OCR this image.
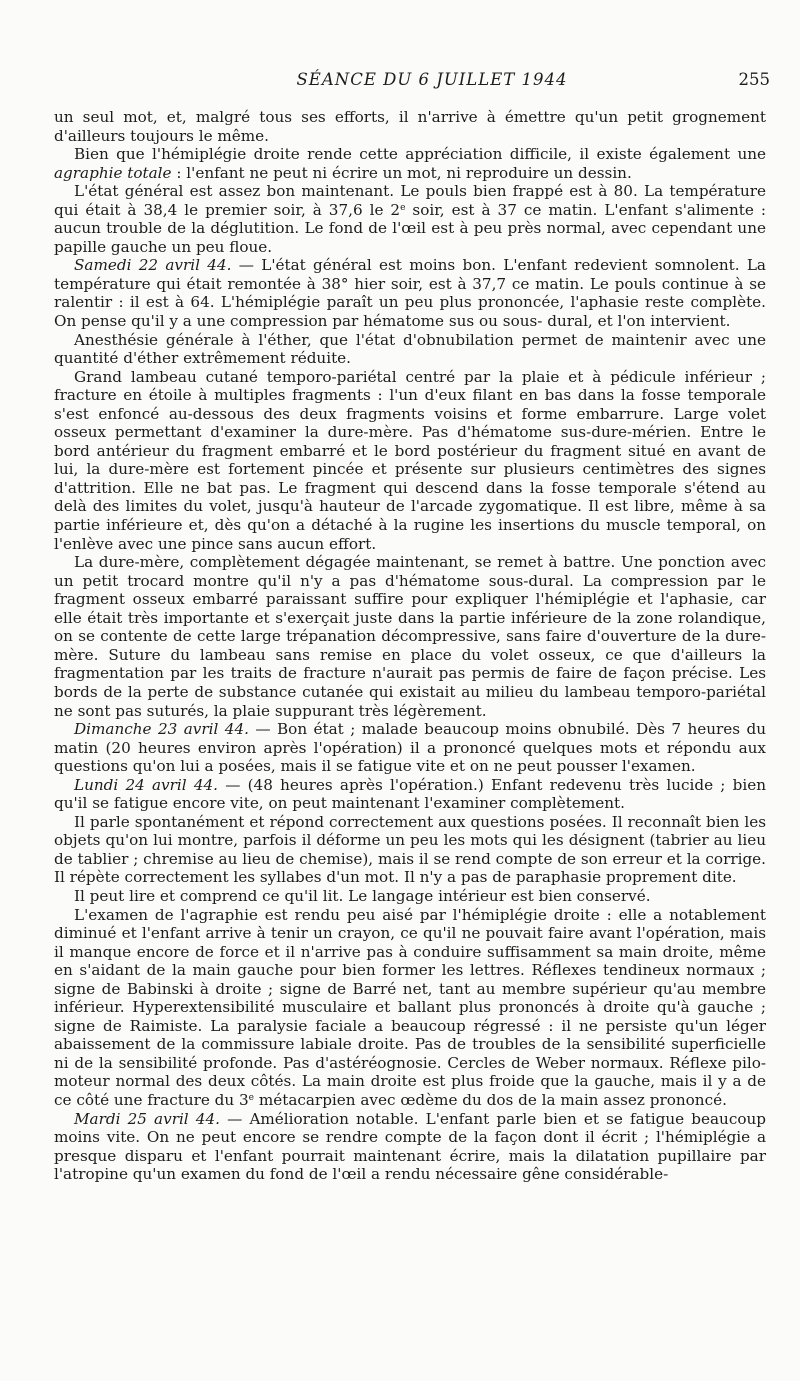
SÉANCE DU 6 JUILLET 1944	255

un seul mot, et, malgré tous ses efforts, il n'arrive à émettre qu'un petit grognement d'ailleurs toujours le même.

Bien que l'hémiplégie droite rende cette appréciation difficile, il existe également une agraphie totale : l'enfant ne peut ni écrire un mot, ni reproduire un dessin.

L'état général est assez bon maintenant. Le pouls bien frappé est à 80. La température qui était à 38,4 le premier soir, à 37,6 le 2e soir, est à 37 ce matin. L'enfant s'alimente : aucun trouble de la déglutition. Le fond de l'œil est à peu près normal, avec cependant une papille gauche un peu floue.

Samedi 22 avril 44. — L'état général est moins bon. L'enfant redevient somnolent. La température qui était remontée à 38° hier soir, est à 37,7 ce matin. Le pouls continue à se ralentir : il est à 64. L'hémiplégie paraît un peu plus prononcée, l'aphasie reste complète. On pense qu'il y a une compression par hématome sus ou sous- dural, et l'on intervient.

Anesthésie générale à l'éther, que l'état d'obnubilation permet de maintenir avec une quantité d'éther extrêmement réduite.

Grand lambeau cutané temporo-pariétal centré par la plaie et à pédicule inférieur ; fracture en étoile à multiples fragments : l'un d'eux filant en bas dans la fosse temporale s'est enfoncé au-dessous des deux fragments voisins et forme embarrure. Large volet osseux permettant d'examiner la dure-mère. Pas d'hématome sus-dure-mérien. Entre le bord antérieur du fragment embarré et le bord postérieur du fragment situé en avant de lui, la dure-mère est fortement pincée et présente sur plusieurs centimètres des signes d'attrition. Elle ne bat pas. Le fragment qui descend dans la fosse temporale s'étend au delà des limites du volet, jusqu'à hauteur de l'arcade zygomatique. Il est libre, même à sa partie inférieure et, dès qu'on a détaché à la rugine les insertions du muscle temporal, on l'enlève avec une pince sans aucun effort.

La dure-mère, complètement dégagée maintenant, se remet à battre. Une ponction avec un petit trocard montre qu'il n'y a pas d'hématome sous-dural. La compression par le fragment osseux embarré paraissant suffire pour expliquer l'hémiplégie et l'aphasie, car elle était très importante et s'exerçait juste dans la partie inférieure de la zone rolandique, on se contente de cette large trépanation décompressive, sans faire d'ouverture de la dure-mère. Suture du lambeau sans remise en place du volet osseux, ce que d'ailleurs la fragmentation par les traits de fracture n'aurait pas permis de faire de façon précise. Les bords de la perte de substance cutanée qui existait au milieu du lambeau temporo-pariétal ne sont pas suturés, la plaie suppurant très légèrement.

Dimanche 23 avril 44. — Bon état ; malade beaucoup moins obnubilé. Dès 7 heures du matin (20 heures environ après l'opération) il a prononcé quelques mots et répondu aux questions qu'on lui a posées, mais il se fatigue vite et on ne peut pousser l'examen.

Lundi 24 avril 44. — (48 heures après l'opération.) Enfant redevenu très lucide ; bien qu'il se fatigue encore vite, on peut maintenant l'examiner complètement.

Il parle spontanément et répond correctement aux questions posées. Il reconnaît bien les objets qu'on lui montre, parfois il déforme un peu les mots qui les désignent (tabrier au lieu de tablier ; chremise au lieu de chemise), mais il se rend compte de son erreur et la corrige. Il répète correctement les syllabes d'un mot. Il n'y a pas de paraphasie proprement dite.

Il peut lire et comprend ce qu'il lit. Le langage intérieur est bien conservé.

L'examen de l'agraphie est rendu peu aisé par l'hémiplégie droite : elle a notablement diminué et l'enfant arrive à tenir un crayon, ce qu'il ne pouvait faire avant l'opération, mais il manque encore de force et il n'arrive pas à conduire suffisamment sa main droite, même en s'aidant de la main gauche pour bien former les lettres. Réflexes tendineux normaux ; signe de Babinski à droite ; signe de Barré net, tant au membre supérieur qu'au membre inférieur. Hyperextensibilité musculaire et ballant plus prononcés à droite qu'à gauche ; signe de Raimiste. La paralysie faciale a beaucoup régressé : il ne persiste qu'un léger abaissement de la commissure labiale droite. Pas de troubles de la sensibilité superficielle ni de la sensibilité profonde. Pas d'astéréognosie. Cercles de Weber normaux. Réflexe pilo-moteur normal des deux côtés. La main droite est plus froide que la gauche, mais il y a de ce côté une fracture du 3e métacarpien avec œdème du dos de la main assez prononcé.

Mardi 25 avril 44. — Amélioration notable. L'enfant parle bien et se fatigue beaucoup moins vite. On ne peut encore se rendre compte de la façon dont il écrit ; l'hémiplégie a presque disparu et l'enfant pourrait maintenant écrire, mais la dilatation pupillaire par l'atropine qu'un examen du fond de l'œil a rendu nécessaire gêne considérable-
